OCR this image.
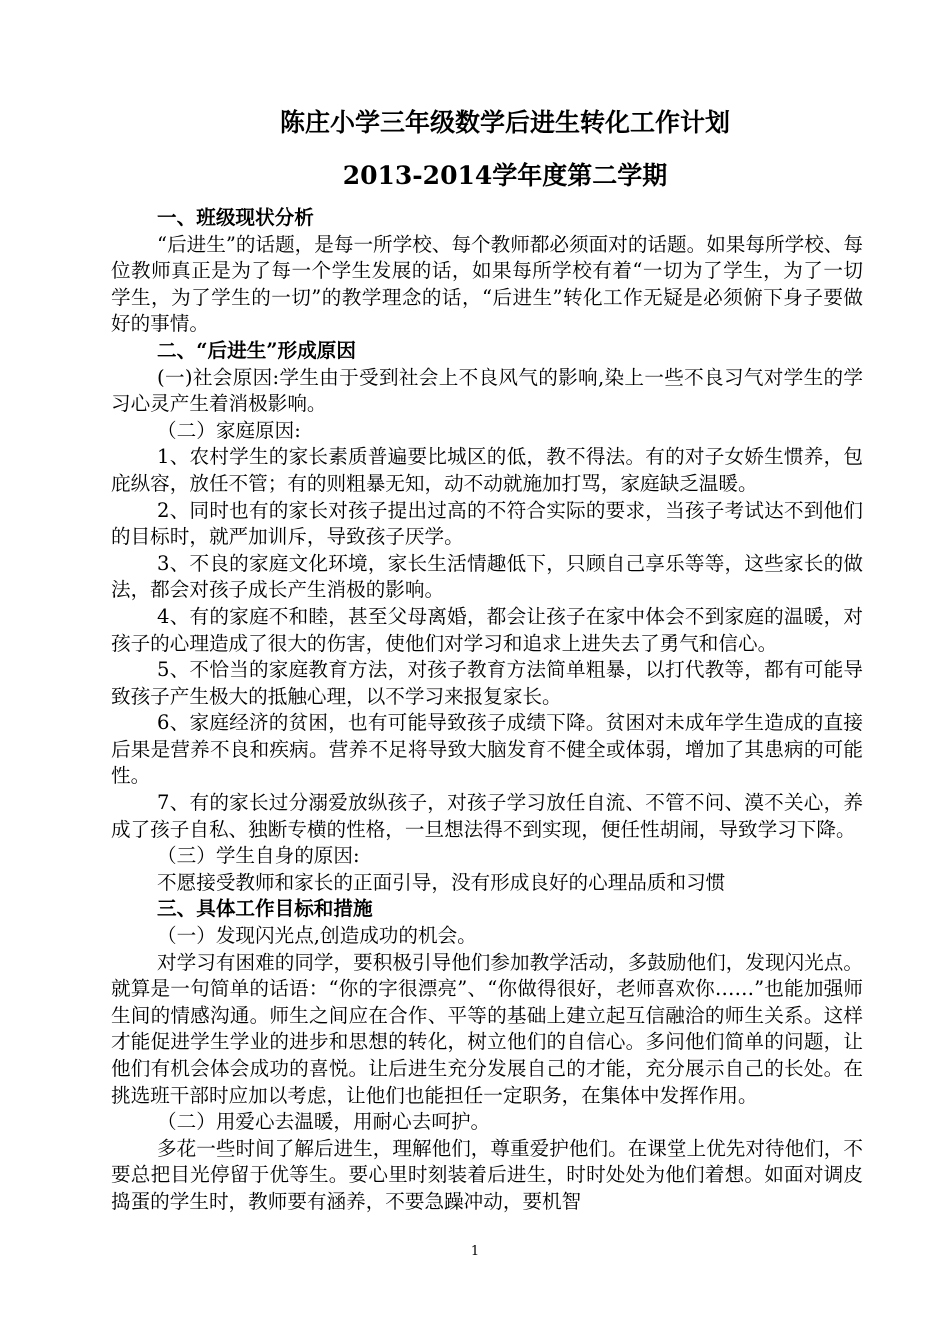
陈庄小学三年级数学后进生转化工作计划

2013-2014学年度第二学期

一、班级现状分析

“后进生”的话题，是每一所学校、每个教师都必须面对的话题。如果每所学校、每位教师真正是为了每一个学生发展的话，如果每所学校有着“一切为了学生，为了一切学生，为了学生的一切”的教学理念的话，“后进生”转化工作无疑是必须俯下身子要做好的事情。

二、“后进生”形成原因

(一)社会原因:学生由于受到社会上不良风气的影响,染上一些不良习气对学生的学习心灵产生着消极影响。

（二）家庭原因:

1、农村学生的家长素质普遍要比城区的低，教不得法。有的对子女娇生惯养，包庇纵容，放任不管；有的则粗暴无知，动不动就施加打骂，家庭缺乏温暖。

2、同时也有的家长对孩子提出过高的不符合实际的要求，当孩子考试达不到他们的目标时，就严加训斥，导致孩子厌学。

3、不良的家庭文化环境，家长生活情趣低下，只顾自己享乐等等，这些家长的做法，都会对孩子成长产生消极的影响。

4、有的家庭不和睦，甚至父母离婚，都会让孩子在家中体会不到家庭的温暖，对孩子的心理造成了很大的伤害，使他们对学习和追求上进失去了勇气和信心。

5、不恰当的家庭教育方法，对孩子教育方法简单粗暴，以打代教等，都有可能导致孩子产生极大的抵触心理，以不学习来报复家长。

6、家庭经济的贫困，也有可能导致孩子成绩下降。贫困对未成年学生造成的直接后果是营养不良和疾病。营养不足将导致大脑发育不健全或体弱，增加了其患病的可能性。

7、有的家长过分溺爱放纵孩子，对孩子学习放任自流、不管不问、漠不关心，养成了孩子自私、独断专横的性格，一旦想法得不到实现，便任性胡闹，导致学习下降。

（三）学生自身的原因:

不愿接受教师和家长的正面引导，没有形成良好的心理品质和习惯

三、具体工作目标和措施

（一）发现闪光点,创造成功的机会。

对学习有困难的同学，要积极引导他们参加教学活动，多鼓励他们，发现闪光点。就算是一句简单的话语：“你的字很漂亮”、“你做得很好，老师喜欢你……”也能加强师生间的情感沟通。师生之间应在合作、平等的基础上建立起互信融洽的师生关系。这样才能促进学生学业的进步和思想的转化，树立他们的自信心。多问他们简单的问题，让他们有机会体会成功的喜悦。让后进生充分发展自己的才能，充分展示自己的长处。在挑选班干部时应加以考虑，让他们也能担任一定职务，在集体中发挥作用。

（二）用爱心去温暖，用耐心去呵护。

多花一些时间了解后进生，理解他们，尊重爱护他们。在课堂上优先对待他们，不要总把目光停留于优等生。要心里时刻装着后进生，时时处处为他们着想。如面对调皮捣蛋的学生时，教师要有涵养，不要急躁冲动，要机智

1
